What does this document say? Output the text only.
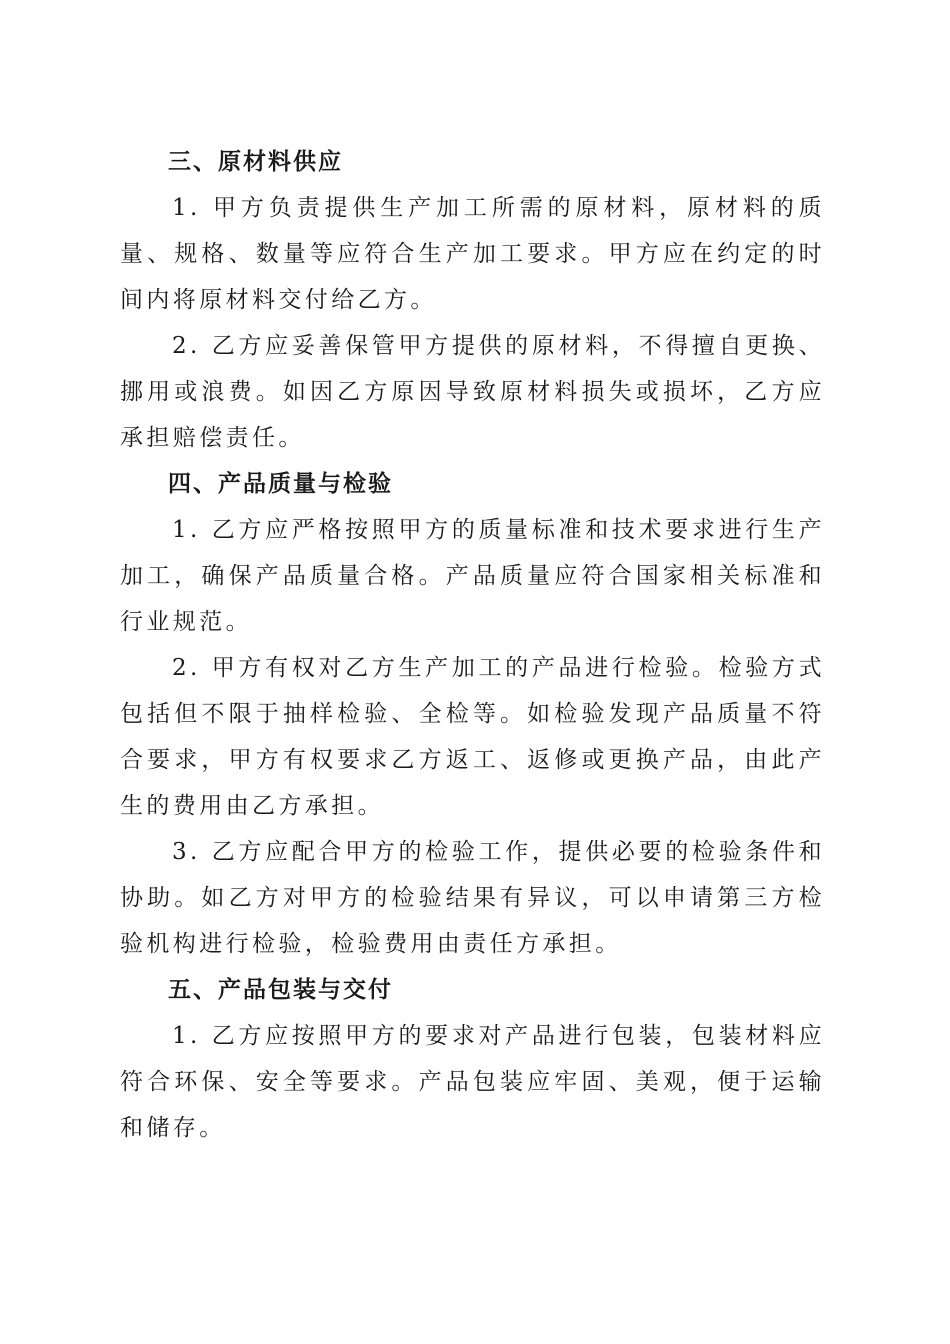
三、原材料供应

1. 甲方负责提供生产加工所需的原材料，原材料的质量、规格、数量等应符合生产加工要求。甲方应在约定的时间内将原材料交付给乙方。

2. 乙方应妥善保管甲方提供的原材料，不得擅自更换、挪用或浪费。如因乙方原因导致原材料损失或损坏，乙方应承担赔偿责任。

四、产品质量与检验

1. 乙方应严格按照甲方的质量标准和技术要求进行生产加工，确保产品质量合格。产品质量应符合国家相关标准和行业规范。

2. 甲方有权对乙方生产加工的产品进行检验。检验方式包括但不限于抽样检验、全检等。如检验发现产品质量不符合要求，甲方有权要求乙方返工、返修或更换产品，由此产生的费用由乙方承担。

3. 乙方应配合甲方的检验工作，提供必要的检验条件和协助。如乙方对甲方的检验结果有异议，可以申请第三方检验机构进行检验，检验费用由责任方承担。

五、产品包装与交付

1. 乙方应按照甲方的要求对产品进行包装，包装材料应符合环保、安全等要求。产品包装应牢固、美观，便于运输和储存。
